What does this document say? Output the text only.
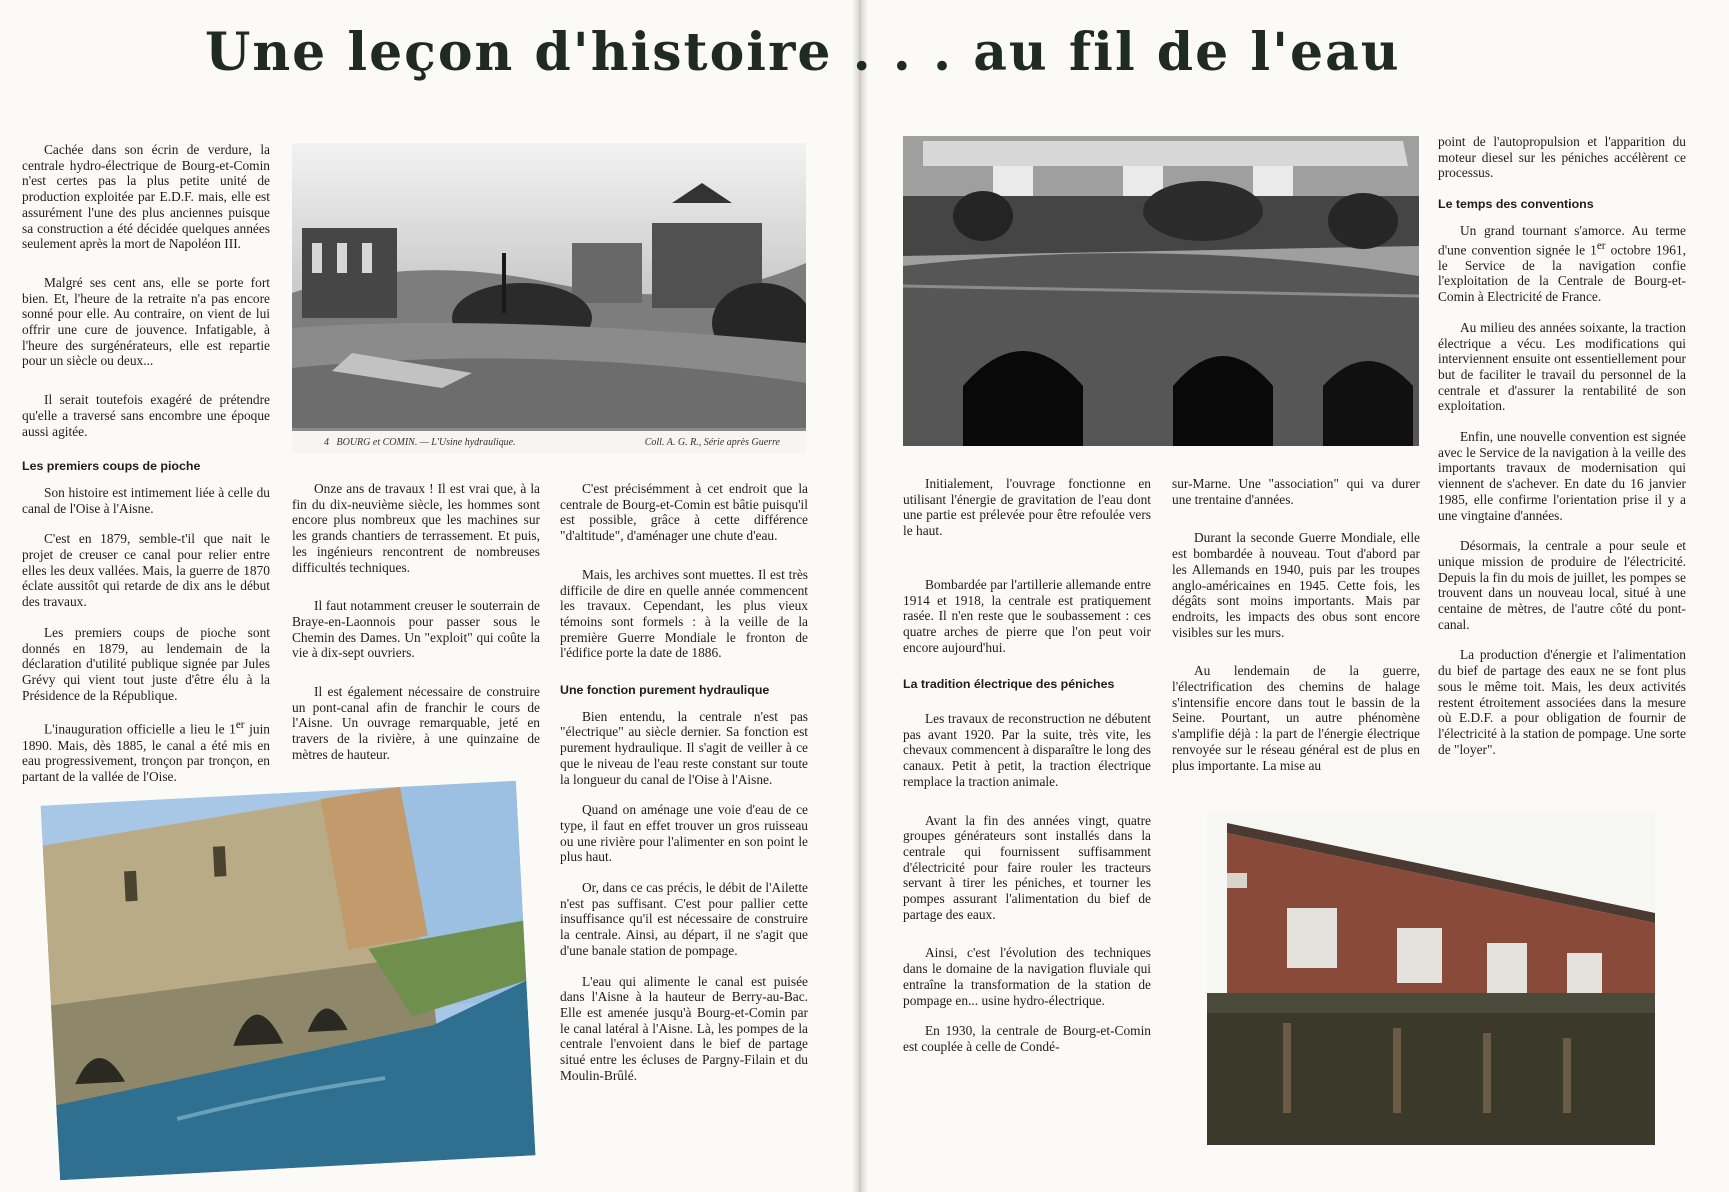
Une leçon d'histoire . . . au fil de l'eau
4 BOURG et COMIN. — L'Usine hydraulique.	Coll. A. G. R., Série après Guerre

Cachée dans son écrin de verdure, la centrale hydro-électrique de Bourg-et-Comin n'est certes pas la plus petite unité de production exploitée par E.D.F. mais, elle est assurément l'une des plus anciennes puisque sa construction a été décidée quelques années seulement après la mort de Napoléon III.

Malgré ses cent ans, elle se porte fort bien. Et, l'heure de la retraite n'a pas encore sonné pour elle. Au contraire, on vient de lui offrir une cure de jouvence. Infatigable, à l'heure des surgénérateurs, elle est repartie pour un siècle ou deux...

Il serait toutefois exagéré de prétendre qu'elle a traversé sans encombre une époque aussi agitée.

Les premiers coups de pioche

Son histoire est intimement liée à celle du canal de l'Oise à l'Aisne.

C'est en 1879, semble-t'il que nait le projet de creuser ce canal pour relier entre elles les deux vallées. Mais, la guerre de 1870 éclate aussitôt qui retarde de dix ans le début des travaux.

Les premiers coups de pioche sont donnés en 1879, au lendemain de la déclaration d'utilité publique signée par Jules Grévy qui vient tout juste d'être élu à la Présidence de la République.

L'inauguration officielle a lieu le 1er juin 1890. Mais, dès 1885, le canal a été mis en eau progressivement, tronçon par tronçon, en partant de la vallée de l'Oise.

Onze ans de travaux ! Il est vrai que, à la fin du dix-neuvième siècle, les hommes sont encore plus nombreux que les machines sur les grands chantiers de terrassement. Et puis, les ingénieurs rencontrent de nombreuses difficultés techniques.

Il faut notamment creuser le souterrain de Braye-en-Laonnois pour passer sous le Chemin des Dames. Un "exploit" qui coûte la vie à dix-sept ouvriers.

Il est également nécessaire de construire un pont-canal afin de franchir le cours de l'Aisne. Un ouvrage remarquable, jeté en travers de la rivière, à une quinzaine de mètres de hauteur.

C'est précisémment à cet endroit que la centrale de Bourg-et-Comin est bâtie puisqu'il est possible, grâce à cette différence "d'altitude", d'aménager une chute d'eau.

Mais, les archives sont muettes. Il est très difficile de dire en quelle année commencent les travaux. Cependant, les plus vieux témoins sont formels : à la veille de la première Guerre Mondiale le fronton de l'édifice porte la date de 1886.

Une fonction purement hydraulique

Bien entendu, la centrale n'est pas "électrique" au siècle dernier. Sa fonction est purement hydraulique. Il s'agit de veiller à ce que le niveau de l'eau reste constant sur toute la longueur du canal de l'Oise à l'Aisne.

Quand on aménage une voie d'eau de ce type, il faut en effet trouver un gros ruisseau ou une rivière pour l'alimenter en son point le plus haut.

Or, dans ce cas précis, le débit de l'Ailette n'est pas suffisant. C'est pour pallier cette insuffisance qu'il est nécessaire de construire la centrale. Ainsi, au départ, il ne s'agit que d'une banale station de pompage.

L'eau qui alimente le canal est puisée dans l'Aisne à la hauteur de Berry-au-Bac. Elle est amenée jusqu'à Bourg-et-Comin par le canal latéral à l'Aisne. Là, les pompes de la centrale l'envoient dans le bief de partage situé entre les écluses de Pargny-Filain et du Moulin-Brûlé.

Initialement, l'ouvrage fonctionne en utilisant l'énergie de gravitation de l'eau dont une partie est prélevée pour être refoulée vers le haut.

Bombardée par l'artillerie allemande entre 1914 et 1918, la centrale est pratiquement rasée. Il n'en reste que le soubassement : ces quatre arches de pierre que l'on peut voir encore aujourd'hui.

La tradition électrique des péniches

Les travaux de reconstruction ne débutent pas avant 1920. Par la suite, très vite, les chevaux commencent à disparaître le long des canaux. Petit à petit, la traction électrique remplace la traction animale.

Avant la fin des années vingt, quatre groupes générateurs sont installés dans la centrale qui fournissent suffisamment d'électricité pour faire rouler les tracteurs servant à tirer les péniches, et tourner les pompes assurant l'alimentation du bief de partage des eaux.

Ainsi, c'est l'évolution des techniques dans le domaine de la navigation fluviale qui entraîne la transformation de la station de pompage en... usine hydro-électrique.

En 1930, la centrale de Bourg-et-Comin est couplée à celle de Condé-

sur-Marne. Une "association" qui va durer une trentaine d'années.

Durant la seconde Guerre Mondiale, elle est bombardée à nouveau. Tout d'abord par les Allemands en 1940, puis par les troupes anglo-américaines en 1945. Cette fois, les dégâts sont moins importants. Mais par endroits, les impacts des obus sont encore visibles sur les murs.

Au lendemain de la guerre, l'électrification des chemins de halage s'intensifie encore dans tout le bassin de la Seine. Pourtant, un autre phénomène s'amplifie déjà : la part de l'énergie électrique renvoyée sur le réseau général est de plus en plus importante. La mise au

point de l'autopropulsion et l'apparition du moteur diesel sur les péniches accélèrent ce processus.

Le temps des conventions

Un grand tournant s'amorce. Au terme d'une convention signée le 1er octobre 1961, le Service de la navigation confie l'exploitation de la Centrale de Bourg-et-Comin à Electricité de France.

Au milieu des années soixante, la traction électrique a vécu. Les modifications qui interviennent ensuite ont essentiellement pour but de faciliter le travail du personnel de la centrale et d'assurer la rentabilité de son exploitation.

Enfin, une nouvelle convention est signée avec le Service de la navigation à la veille des importants travaux de modernisation qui viennent de s'achever. En date du 16 janvier 1985, elle confirme l'orientation prise il y a une vingtaine d'années.

Désormais, la centrale a pour seule et unique mission de produire de l'électricité. Depuis la fin du mois de juillet, les pompes se trouvent dans un nouveau local, situé à une centaine de mètres, de l'autre côté du pont-canal.

La production d'énergie et l'alimentation du bief de partage des eaux ne se font plus sous le même toit. Mais, les deux activités restent étroitement associées dans la mesure où E.D.F. a pour obligation de fournir de l'électricité à la station de pompage. Une sorte de "loyer".
